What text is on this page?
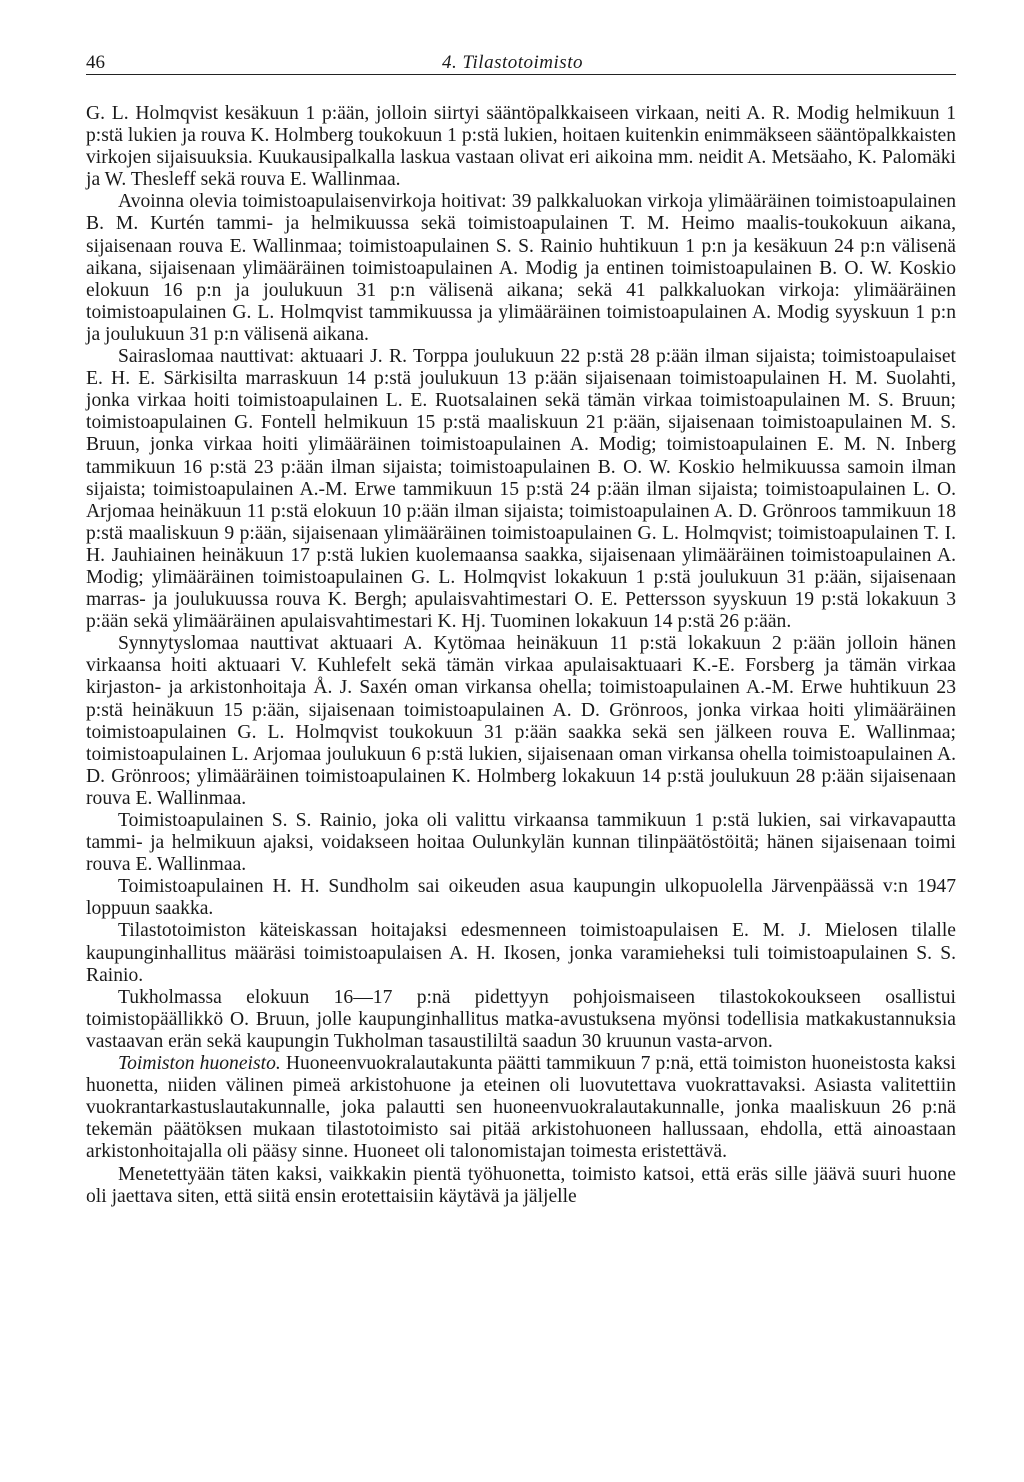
46	4. Tilastotoimisto

G. L. Holmqvist kesäkuun 1 p:ään, jolloin siirtyi sääntöpalkkaiseen virkaan, neiti A. R. Modig helmikuun 1 p:stä lukien ja rouva K. Holmberg toukokuun 1 p:stä lukien, hoitaen kuitenkin enimmäkseen sääntöpalkkaisten virkojen sijaisuuksia. Kuukausipalkalla laskua vastaan olivat eri aikoina mm. neidit A. Metsäaho, K. Palomäki ja W. Thesleff sekä rouva E. Wallinmaa.

Avoinna olevia toimistoapulaisenvirkoja hoitivat: 39 palkkaluokan virkoja ylimääräinen toimistoapulainen B. M. Kurtén tammi- ja helmikuussa sekä toimistoapulainen T. M. Heimo maalis-toukokuun aikana, sijaisenaan rouva E. Wallinmaa; toimistoapulainen S. S. Rainio huhtikuun 1 p:n ja kesäkuun 24 p:n välisenä aikana, sijaisenaan ylimääräinen toimistoapulainen A. Modig ja entinen toimistoapulainen B. O. W. Koskio elokuun 16 p:n ja joulukuun 31 p:n välisenä aikana; sekä 41 palkkaluokan virkoja: ylimääräinen toimistoapulainen G. L. Holmqvist tammikuussa ja ylimääräinen toimistoapulainen A. Modig syyskuun 1 p:n ja joulukuun 31 p:n välisenä aikana.

Sairaslomaa nauttivat: aktuaari J. R. Torppa joulukuun 22 p:stä 28 p:ään ilman sijaista; toimistoapulaiset E. H. E. Särkisilta marraskuun 14 p:stä joulukuun 13 p:ään sijaisenaan toimistoapulainen H. M. Suolahti, jonka virkaa hoiti toimistoapulainen L. E. Ruotsalainen sekä tämän virkaa toimistoapulainen M. S. Bruun; toimistoapulainen G. Fontell helmikuun 15 p:stä maaliskuun 21 p:ään, sijaisenaan toimistoapulainen M. S. Bruun, jonka virkaa hoiti ylimääräinen toimistoapulainen A. Modig; toimistoapulainen E. M. N. Inberg tammikuun 16 p:stä 23 p:ään ilman sijaista; toimistoapulainen B. O. W. Koskio helmikuussa samoin ilman sijaista; toimistoapulainen A.-M. Erwe tammikuun 15 p:stä 24 p:ään ilman sijaista; toimistoapulainen L. O. Arjomaa heinäkuun 11 p:stä elokuun 10 p:ään ilman sijaista; toimistoapulainen A. D. Grönroos tammikuun 18 p:stä maaliskuun 9 p:ään, sijaisenaan ylimääräinen toimistoapulainen G. L. Holmqvist; toimistoapulainen T. I. H. Jauhiainen heinäkuun 17 p:stä lukien kuolemaansa saakka, sijaisenaan ylimääräinen toimistoapulainen A. Modig; ylimääräinen toimistoapulainen G. L. Holmqvist lokakuun 1 p:stä joulukuun 31 p:ään, sijaisenaan marras- ja joulukuussa rouva K. Bergh; apulaisvahtimestari O. E. Pettersson syyskuun 19 p:stä lokakuun 3 p:ään sekä ylimääräinen apulaisvahtimestari K. Hj. Tuominen lokakuun 14 p:stä 26 p:ään.

Synnytyslomaa nauttivat aktuaari A. Kytömaa heinäkuun 11 p:stä lokakuun 2 p:ään jolloin hänen virkaansa hoiti aktuaari V. Kuhlefelt sekä tämän virkaa apulaisaktuaari K.-E. Forsberg ja tämän virkaa kirjaston- ja arkistonhoitaja Å. J. Saxén oman virkansa ohella; toimistoapulainen A.-M. Erwe huhtikuun 23 p:stä heinäkuun 15 p:ään, sijaisenaan toimistoapulainen A. D. Grönroos, jonka virkaa hoiti ylimääräinen toimistoapulainen G. L. Holmqvist toukokuun 31 p:ään saakka sekä sen jälkeen rouva E. Wallinmaa; toimistoapulainen L. Arjomaa joulukuun 6 p:stä lukien, sijaisenaan oman virkansa ohella toimistoapulainen A. D. Grönroos; ylimääräinen toimistoapulainen K. Holmberg lokakuun 14 p:stä joulukuun 28 p:ään sijaisenaan rouva E. Wallinmaa.

Toimistoapulainen S. S. Rainio, joka oli valittu virkaansa tammikuun 1 p:stä lukien, sai virkavapautta tammi- ja helmikuun ajaksi, voidakseen hoitaa Oulunkylän kunnan tilinpäätöstöitä; hänen sijaisenaan toimi rouva E. Wallinmaa.

Toimistoapulainen H. H. Sundholm sai oikeuden asua kaupungin ulkopuolella Järvenpäässä v:n 1947 loppuun saakka.

Tilastotoimiston käteiskassan hoitajaksi edesmenneen toimistoapulaisen E. M. J. Mielosen tilalle kaupunginhallitus määräsi toimistoapulaisen A. H. Ikosen, jonka varamieheksi tuli toimistoapulainen S. S. Rainio.

Tukholmassa elokuun 16—17 p:nä pidettyyn pohjoismaiseen tilastokokoukseen osallistui toimistopäällikkö O. Bruun, jolle kaupunginhallitus matka-avustuksena myönsi todellisia matkakustannuksia vastaavan erän sekä kaupungin Tukholman tasaustililtä saadun 30 kruunun vasta-arvon.

Toimiston huoneisto. Huoneenvuokralautakunta päätti tammikuun 7 p:nä, että toimiston huoneistosta kaksi huonetta, niiden välinen pimeä arkistohuone ja eteinen oli luovutettava vuokrattavaksi. Asiasta valitettiin vuokrantarkastuslautakunnalle, joka palautti sen huoneenvuokralautakunnalle, jonka maaliskuun 26 p:nä tekemän päätöksen mukaan tilastotoimisto sai pitää arkistohuoneen hallussaan, ehdolla, että ainoastaan arkistonhoitajalla oli pääsy sinne. Huoneet oli talonomistajan toimesta eristettävä.

Menetettyään täten kaksi, vaikkakin pientä työhuonetta, toimisto katsoi, että eräs sille jäävä suuri huone oli jaettava siten, että siitä ensin erotettaisiin käytävä ja jäljelle
